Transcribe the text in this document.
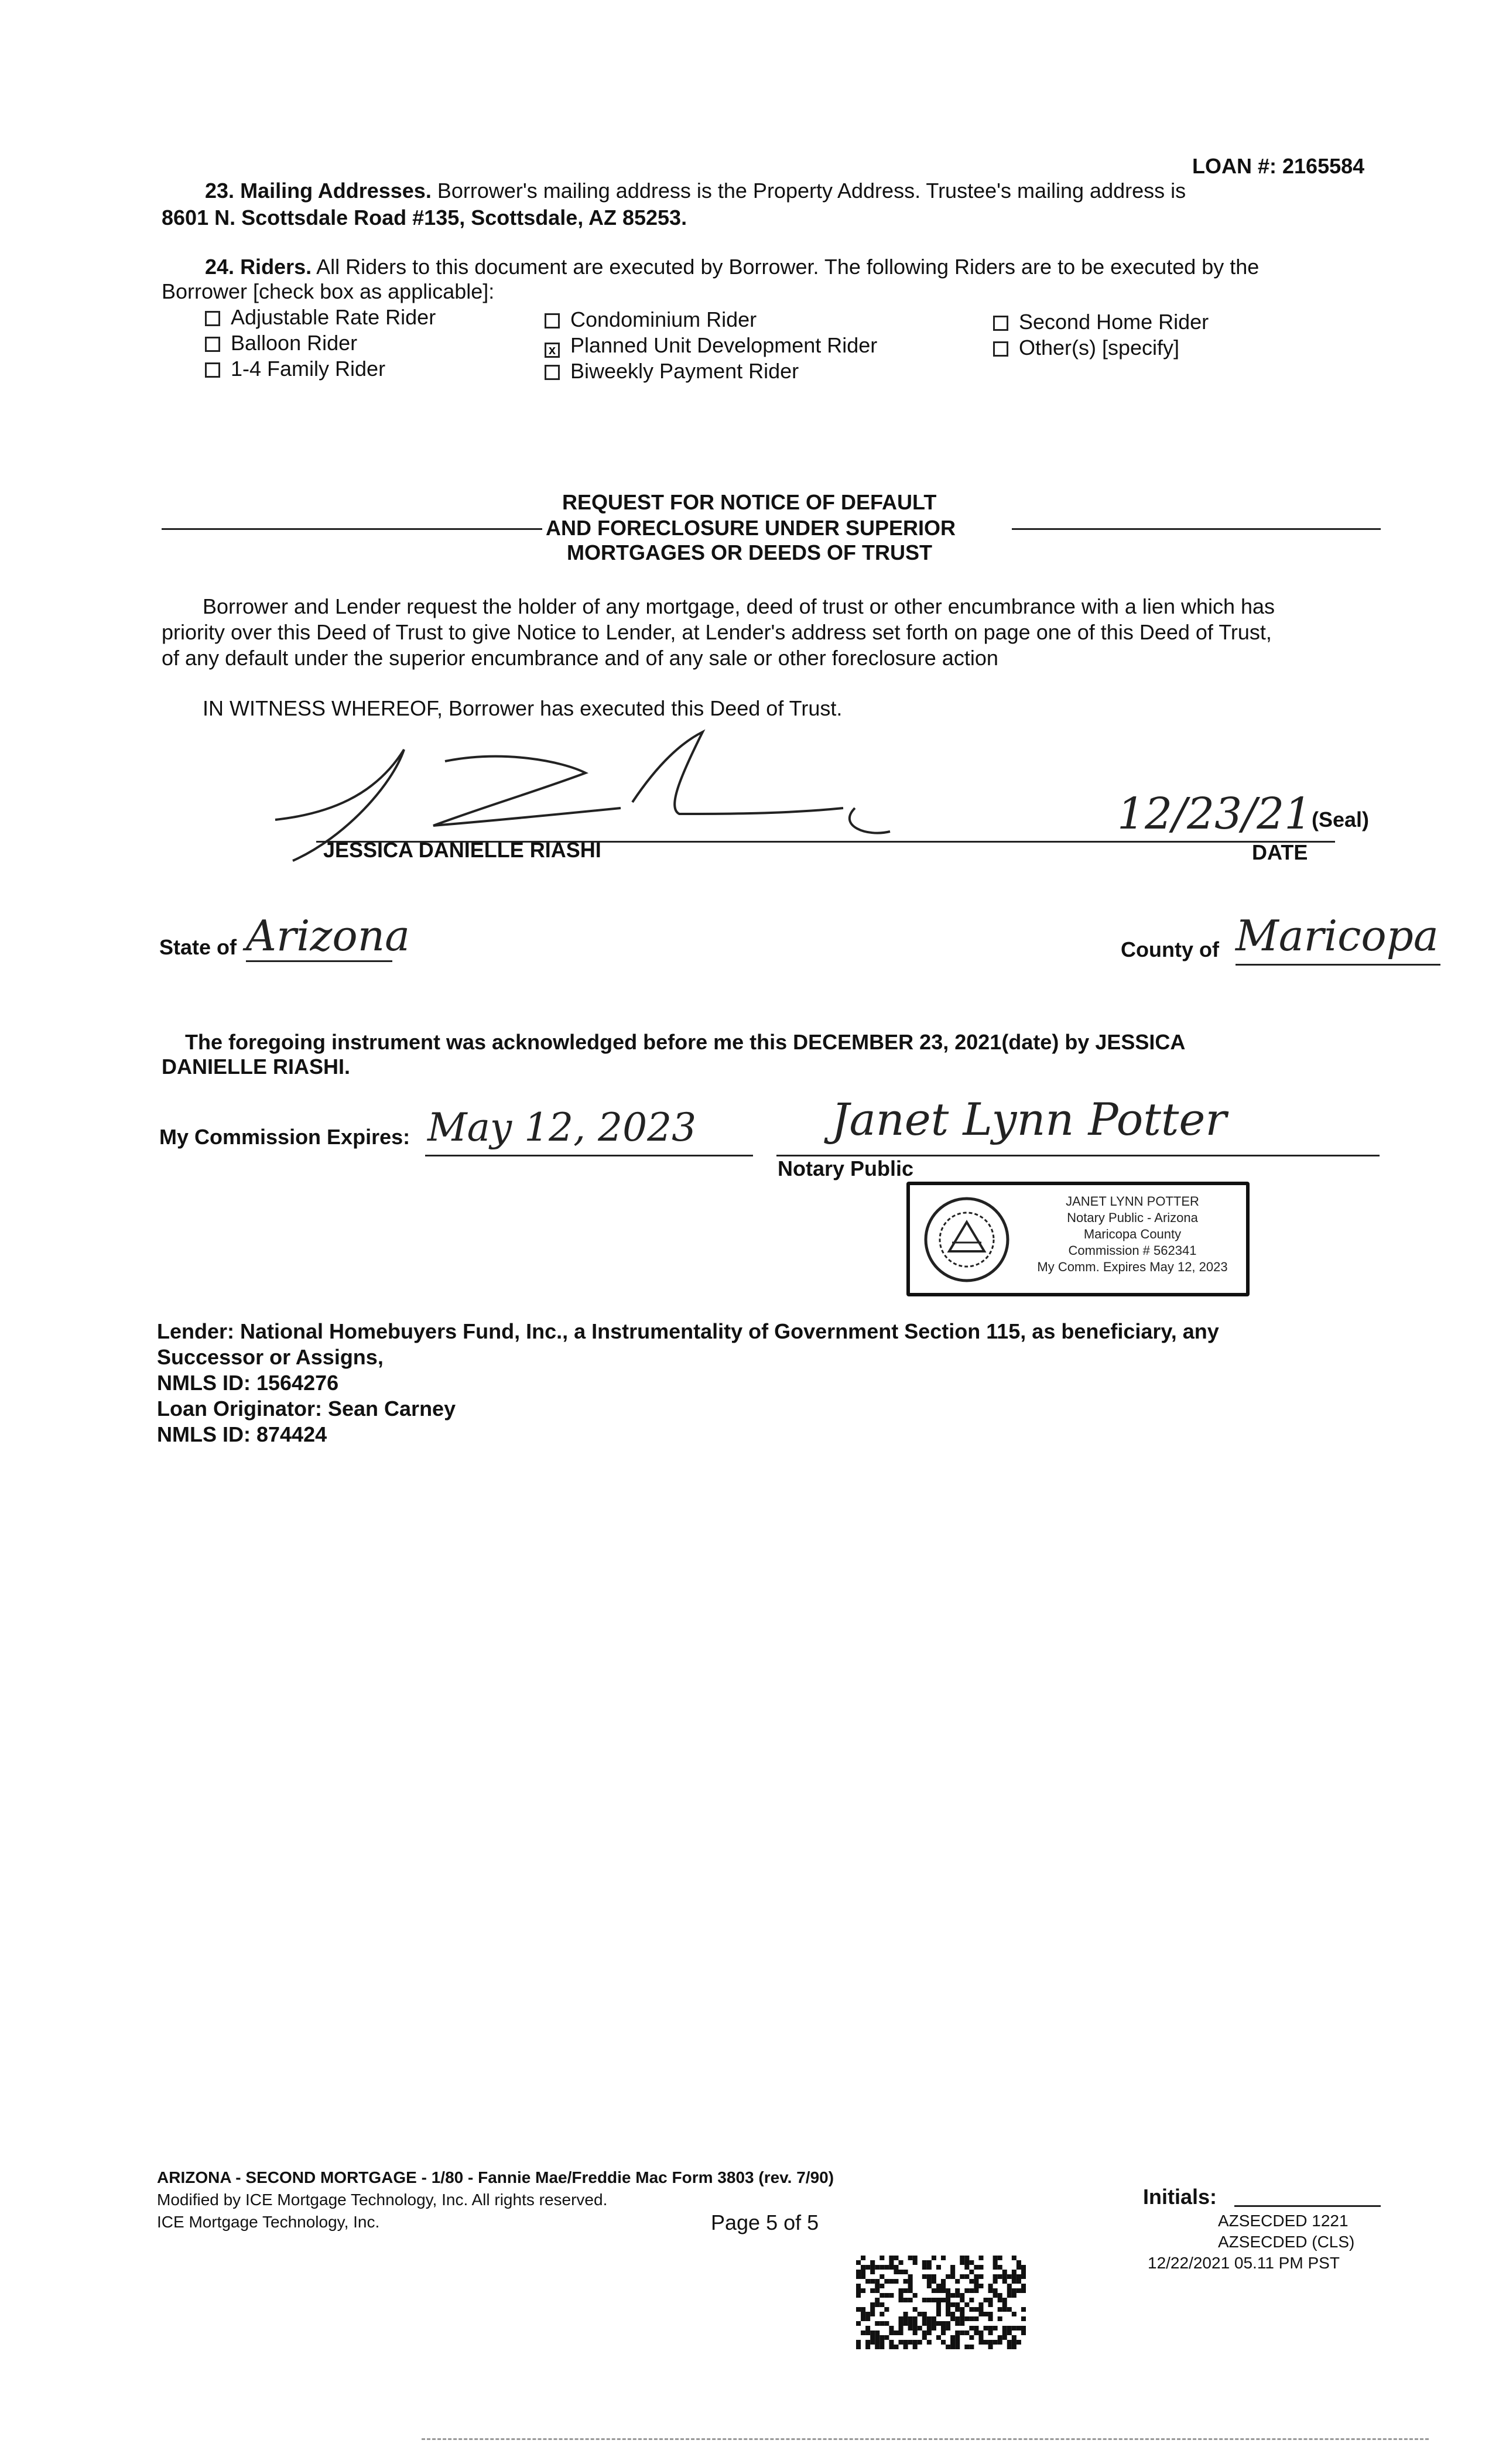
LOAN #: 2165584
23. Mailing Addresses. Borrower's mailing address is the Property Address. Trustee's mailing address is
8601 N. Scottsdale Road #135, Scottsdale, AZ 85253.
24. Riders. All Riders to this document are executed by Borrower. The following Riders are to be executed by the
Borrower [check box as applicable]:
Adjustable Rate Rider
Balloon Rider
1-4 Family Rider
Condominium Rider
x Planned Unit Development Rider
Biweekly Payment Rider
Second Home Rider
Other(s) [specify]
REQUEST FOR NOTICE OF DEFAULT
AND FORECLOSURE UNDER SUPERIOR
MORTGAGES OR DEEDS OF TRUST
Borrower and Lender request the holder of any mortgage, deed of trust or other encumbrance with a lien which has
priority over this Deed of Trust to give Notice to Lender, at Lender's address set forth on page one of this Deed of Trust,
of any default under the superior encumbrance and of any sale or other foreclosure action
IN WITNESS WHEREOF, Borrower has executed this Deed of Trust.
JESSICA DANIELLE RIASHI
12/23/21 (Seal)
DATE
State of Arizona	County of Maricopa
The foregoing instrument was acknowledged before me this DECEMBER 23, 2021(date) by JESSICA
DANIELLE RIASHI.
My Commission Expires: May 12, 2023	Janet Lynn Potter
Notary Public
JANET LYNN POTTER
Notary Public - Arizona
Maricopa County
Commission # 562341
My Comm. Expires May 12, 2023
Lender: National Homebuyers Fund, Inc., a Instrumentality of Government Section 115, as beneficiary, any
Successor or Assigns,
NMLS ID: 1564276
Loan Originator: Sean Carney
NMLS ID: 874424
ARIZONA - SECOND MORTGAGE - 1/80 - Fannie Mae/Freddie Mac Form 3803 (rev. 7/90)
Modified by ICE Mortgage Technology, Inc. All rights reserved.
ICE Mortgage Technology, Inc.	Page 5 of 5
Initials:
AZSECDED 1221
AZSECDED (CLS)
12/22/2021 05.11 PM PST
